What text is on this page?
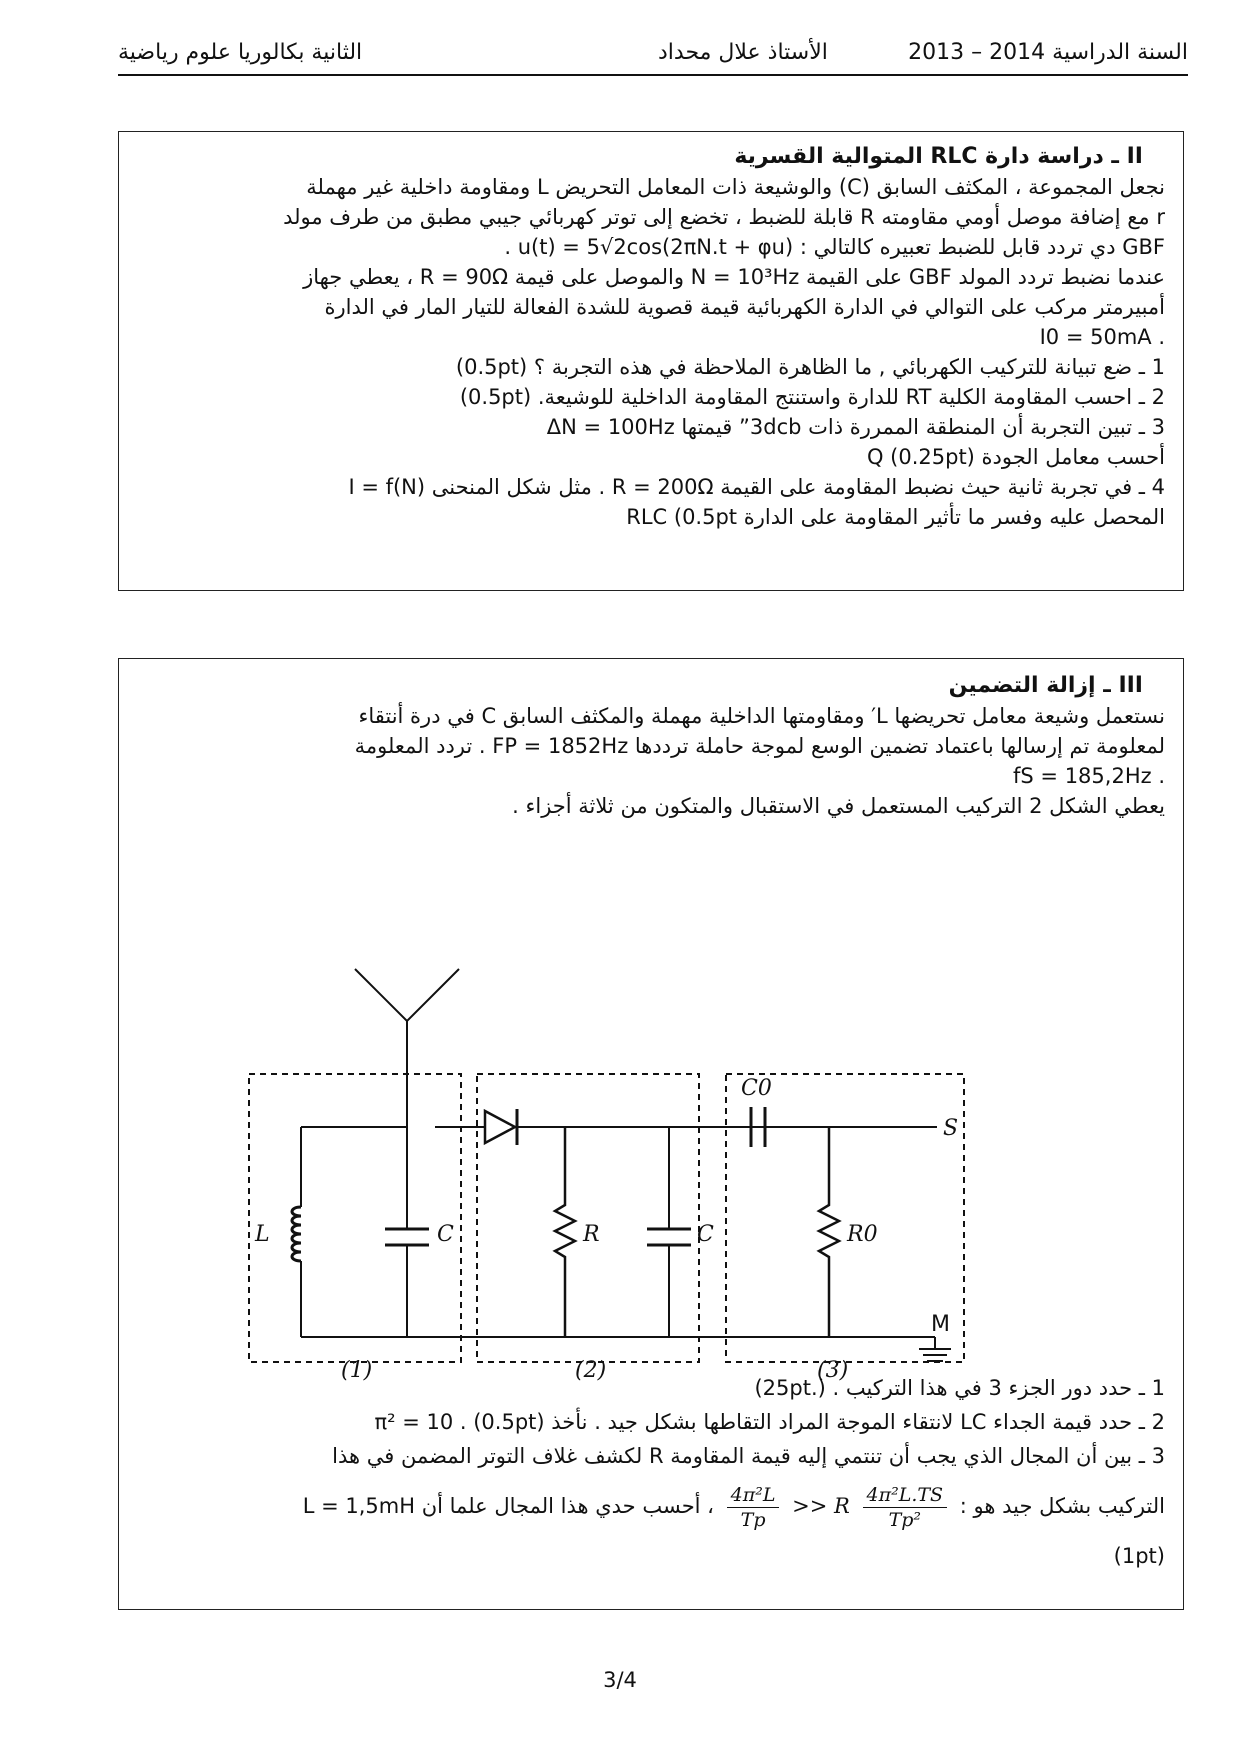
السنة الدراسية 2014 – 2013
الأستاذ علال محداد
الثانية بكالوريا علوم رياضية
II ـ دراسة دارة RLC المتوالية القسرية
نجعل المجموعة ، المكثف السابق (C) والوشيعة ذات المعامل التحريض L ومقاومة داخلية غير مهملة
r مع إضافة موصل أومي مقاومته R قابلة للضبط ، تخضع إلى توتر كهربائي جيبي مطبق من طرف مولد
GBF دي تردد قابل للضبط تعبيره كالتالي : u(t) = 5√2cos(2πN.t + φu) .
عندما نضبط تردد المولد GBF على القيمة N = 10³Hz والموصل على قيمة R = 90Ω ، يعطي جهاز
أمبيرمتر مركب على التوالي في الدارة الكهربائية قيمة قصوية للشدة الفعالة للتيار المار في الدارة
. I0 = 50mA
1 ـ ضع تبيانة للتركيب الكهربائي , ما الظاهرة الملاحظة في هذه التجربة ؟ (0.5pt)
2 ـ احسب المقاومة الكلية RT للدارة واستنتج المقاومة الداخلية للوشيعة. (0.5pt)
3 ـ تبين التجربة أن المنطقة الممررة ذات 3dcb” قيمتها ΔN = 100Hz
أحسب معامل الجودة Q (0.25pt)
4 ـ في تجربة ثانية حيث نضبط المقاومة على القيمة R = 200Ω . مثل شكل المنحنى I = f(N)
المحصل عليه وفسر ما تأثير المقاومة على الدارة RLC (0.5pt
III ـ إزالة التضمين
نستعمل وشيعة معامل تحريضها L′ ومقاومتها الداخلية مهملة والمكثف السابق C في درة أنتقاء
لمعلومة تم إرسالها باعتماد تضمين الوسع لموجة حاملة ترددها FP = 1852Hz . تردد المعلومة
. fS = 185,2Hz
يعطي الشكل 2 التركيب المستعمل في الاستقبال والمتكون من ثلاثة أجزاء .
L	C	R	C
C0
R0
S
M
(1)	(2)	(3)
1 ـ حدد دور الجزء 3 في هذا التركيب . (.25pt)
2 ـ حدد قيمة الجداء LC لانتقاء الموجة المراد التقاطها بشكل جيد . نأخذ π² = 10 . (0.5pt)
3 ـ بين أن المجال الذي يجب أن تنتمي إليه قيمة المقاومة R لكشف غلاف التوتر المضمن في هذا
التركيب بشكل جيد هو :
$\frac{\text{4π²L.TS}}{\text{Tp²}}$
R <<
$\frac{\text{4π²L}}{Tp}$
، أحسب حدي هذا المجال علما أن L = 1,5mH
(1pt)
3/4
